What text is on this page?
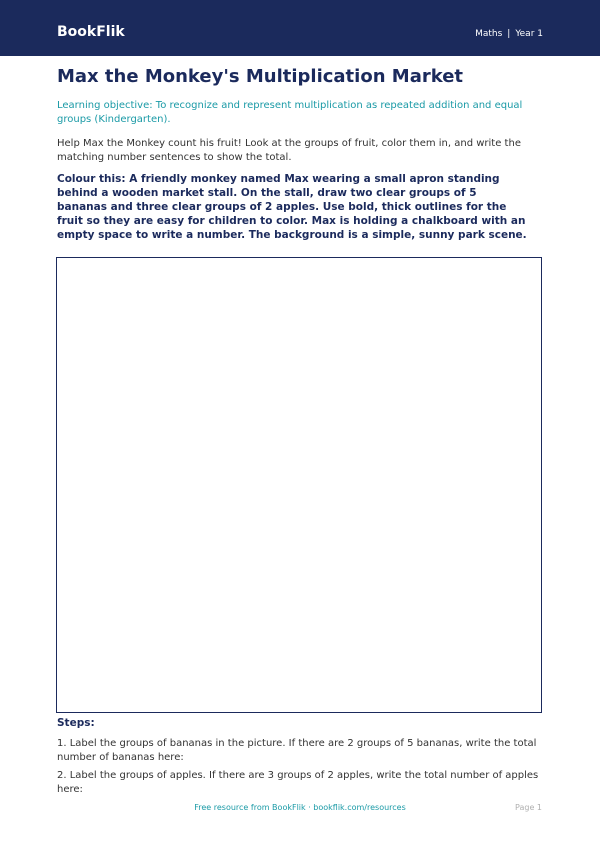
BookFlik	Maths | Year 1
Max the Monkey's Multiplication Market
Learning objective: To recognize and represent multiplication as repeated addition and equal groups (Kindergarten).
Help Max the Monkey count his fruit! Look at the groups of fruit, color them in, and write the matching number sentences to show the total.
Colour this: A friendly monkey named Max wearing a small apron standing behind a wooden market stall. On the stall, draw two clear groups of 5 bananas and three clear groups of 2 apples. Use bold, thick outlines for the fruit so they are easy for children to color. Max is holding a chalkboard with an empty space to write a number. The background is a simple, sunny park scene.
Steps:
1. Label the groups of bananas in the picture. If there are 2 groups of 5 bananas, write the total number of bananas here:
2. Label the groups of apples. If there are 3 groups of 2 apples, write the total number of apples here:
Free resource from BookFlik · bookflik.com/resources	Page 1
